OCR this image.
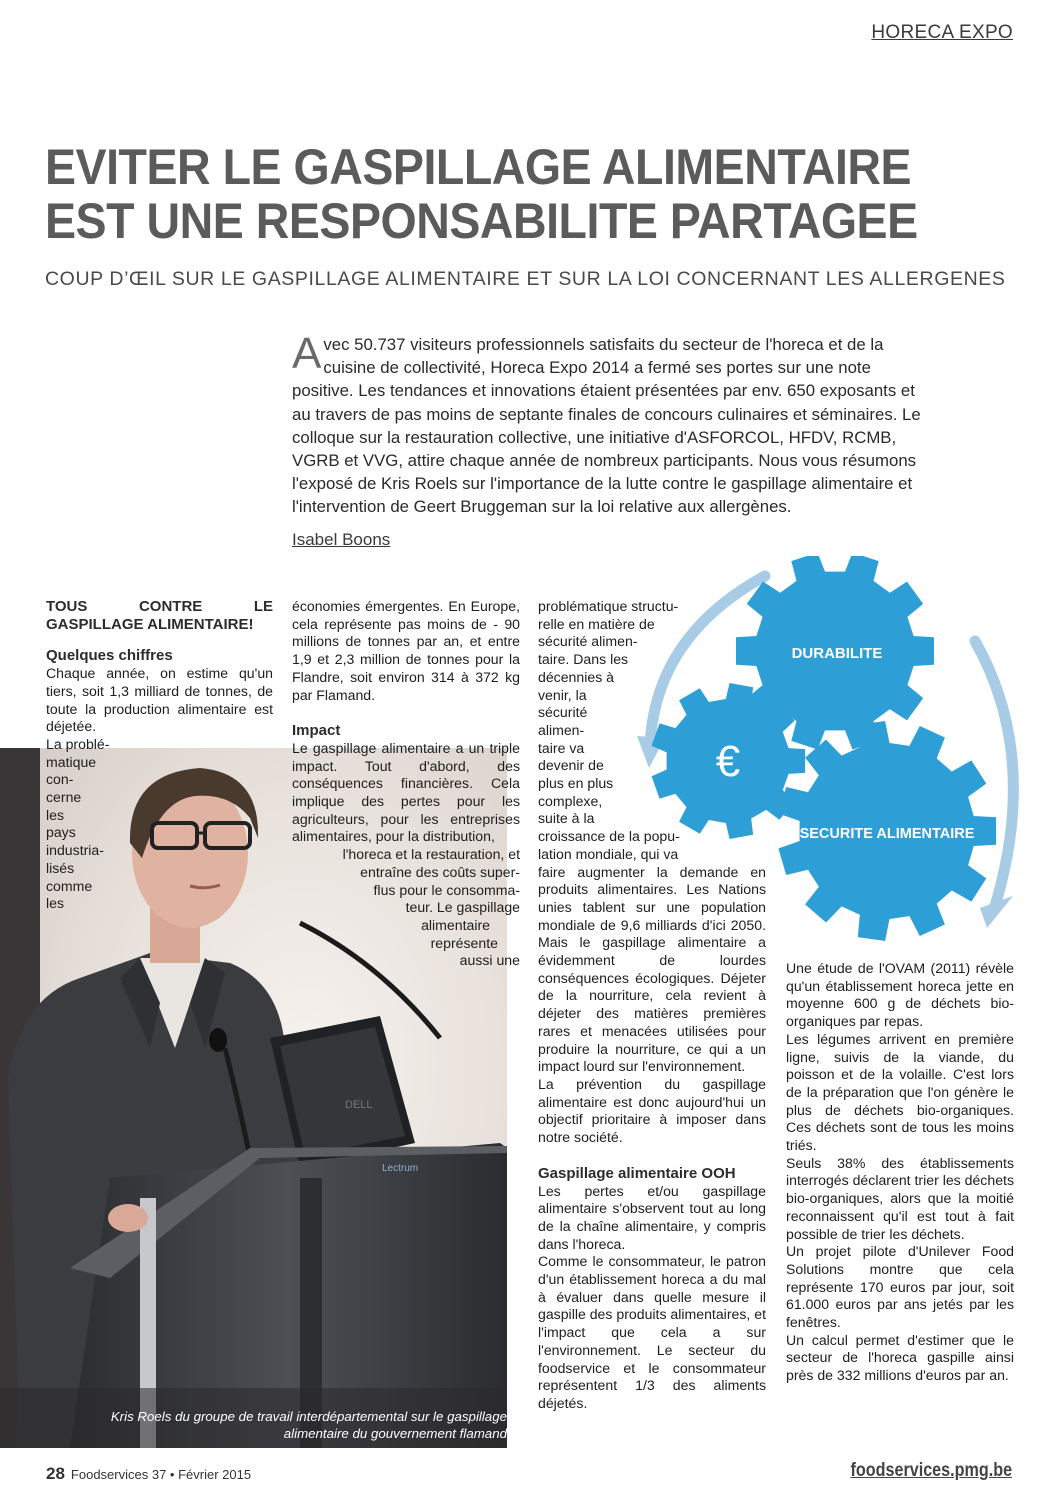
HORECA EXPO
EVITER LE GASPILLAGE ALIMENTAIRE
EST UNE RESPONSABILITE PARTAGEE
COUP D’ŒIL SUR LE GASPILLAGE ALIMENTAIRE ET SUR LA LOI CONCERNANT LES ALLERGENES
A vec 50.737 visiteurs professionnels satisfaits du secteur de l'horeca et de la cuisine de collectivité, Horeca Expo 2014 a fermé ses portes sur une note positive. Les tendances et innovations étaient présentées par env. 650 exposants et au travers de pas moins de septante finales de concours culinaires et séminaires. Le colloque sur la restauration collective, une initiative d'ASFORCOL, HFDV, RCMB, VGRB et VVG, attire chaque année de nombreux participants. Nous vous résumons l'exposé de Kris Roels sur l'importance de la lutte contre le gaspillage alimentaire et l'intervention de Geert Bruggeman sur la loi relative aux allergènes.
Isabel Boons
DELL
Lectrum
Kris Roels du groupe de travail interdépartemental sur le gaspillage alimentaire du gouvernement flamand
TOUS CONTRE LE GASPILLAGE ALIMENTAIRE!
Quelques chiffres

Chaque année, on estime qu'un tiers, soit 1,3 milliard de tonnes, de toute la production alimentaire est déjetée.

La problé-
matique
con-
cerne
les
pays
industria-
lisés
comme
les

économies émergentes. En Europe, cela représente pas moins de - 90 millions de tonnes par an, et entre 1,9 et 2,3 million de tonnes pour la Flandre, soit environ 314 à 372 kg par Flamand.

Impact

Le gaspillage alimentaire a un triple impact. Tout d'abord, des conséquences financières. Cela implique des pertes pour les agriculteurs, pour les entreprises alimentaires, pour la distribution,

l'horeca et la restauration, et
entraîne des coûts super-
flus pour le consomma-
teur. Le gaspillage
alimentaire
représente
aussi une
problématique structu-
relle en matière de
sécurité alimen-
taire. Dans les
décennies à
venir, la
sécurité
alimen-
taire va
devenir de
plus en plus
complexe,
suite à la
croissance de la popu-
lation mondiale, qui va

faire augmenter la demande en produits alimentaires. Les Nations unies tablent sur une population mondiale de 9,6 milliards d'ici 2050. Mais le gaspillage alimentaire a évidemment de lourdes conséquences écologiques. Déjeter de la nourriture, cela revient à déjeter des matières premières rares et menacées utilisées pour produire la nourriture, ce qui a un impact lourd sur l'environnement.

La prévention du gaspillage alimentaire est donc aujourd'hui un objectif prioritaire à imposer dans notre société.

Gaspillage alimentaire OOH

Les pertes et/ou gaspillage alimentaire s'observent tout au long de la chaîne alimentaire, y compris dans l'horeca.

Comme le consommateur, le patron d'un établissement horeca a du mal à évaluer dans quelle mesure il gaspille des produits alimentaires, et l'impact que cela a sur l'environnement. Le secteur du foodservice et le consommateur représentent 1/3 des aliments déjetés.

DURABILITE
€
SECURITE ALIMENTAIRE

Une étude de l'OVAM (2011) révèle qu'un établissement horeca jette en moyenne 600 g de déchets bio-organiques par repas.

Les légumes arrivent en première ligne, suivis de la viande, du poisson et de la volaille. C'est lors de la préparation que l'on génère le plus de déchets bio-organiques. Ces déchets sont de tous les moins triés.

Seuls 38% des établissements interrogés déclarent trier les déchets bio-organiques, alors que la moitié reconnaissent qu'il est tout à fait possible de trier les déchets.

Un projet pilote d'Unilever Food Solutions montre que cela représente 170 euros par jour, soit 61.000 euros par ans jetés par les fenêtres.

Un calcul permet d'estimer que le secteur de l'horeca gaspille ainsi près de 332 millions d'euros par an.

28 Foodservices 37 • Février 2015	foodservices.pmg.be
